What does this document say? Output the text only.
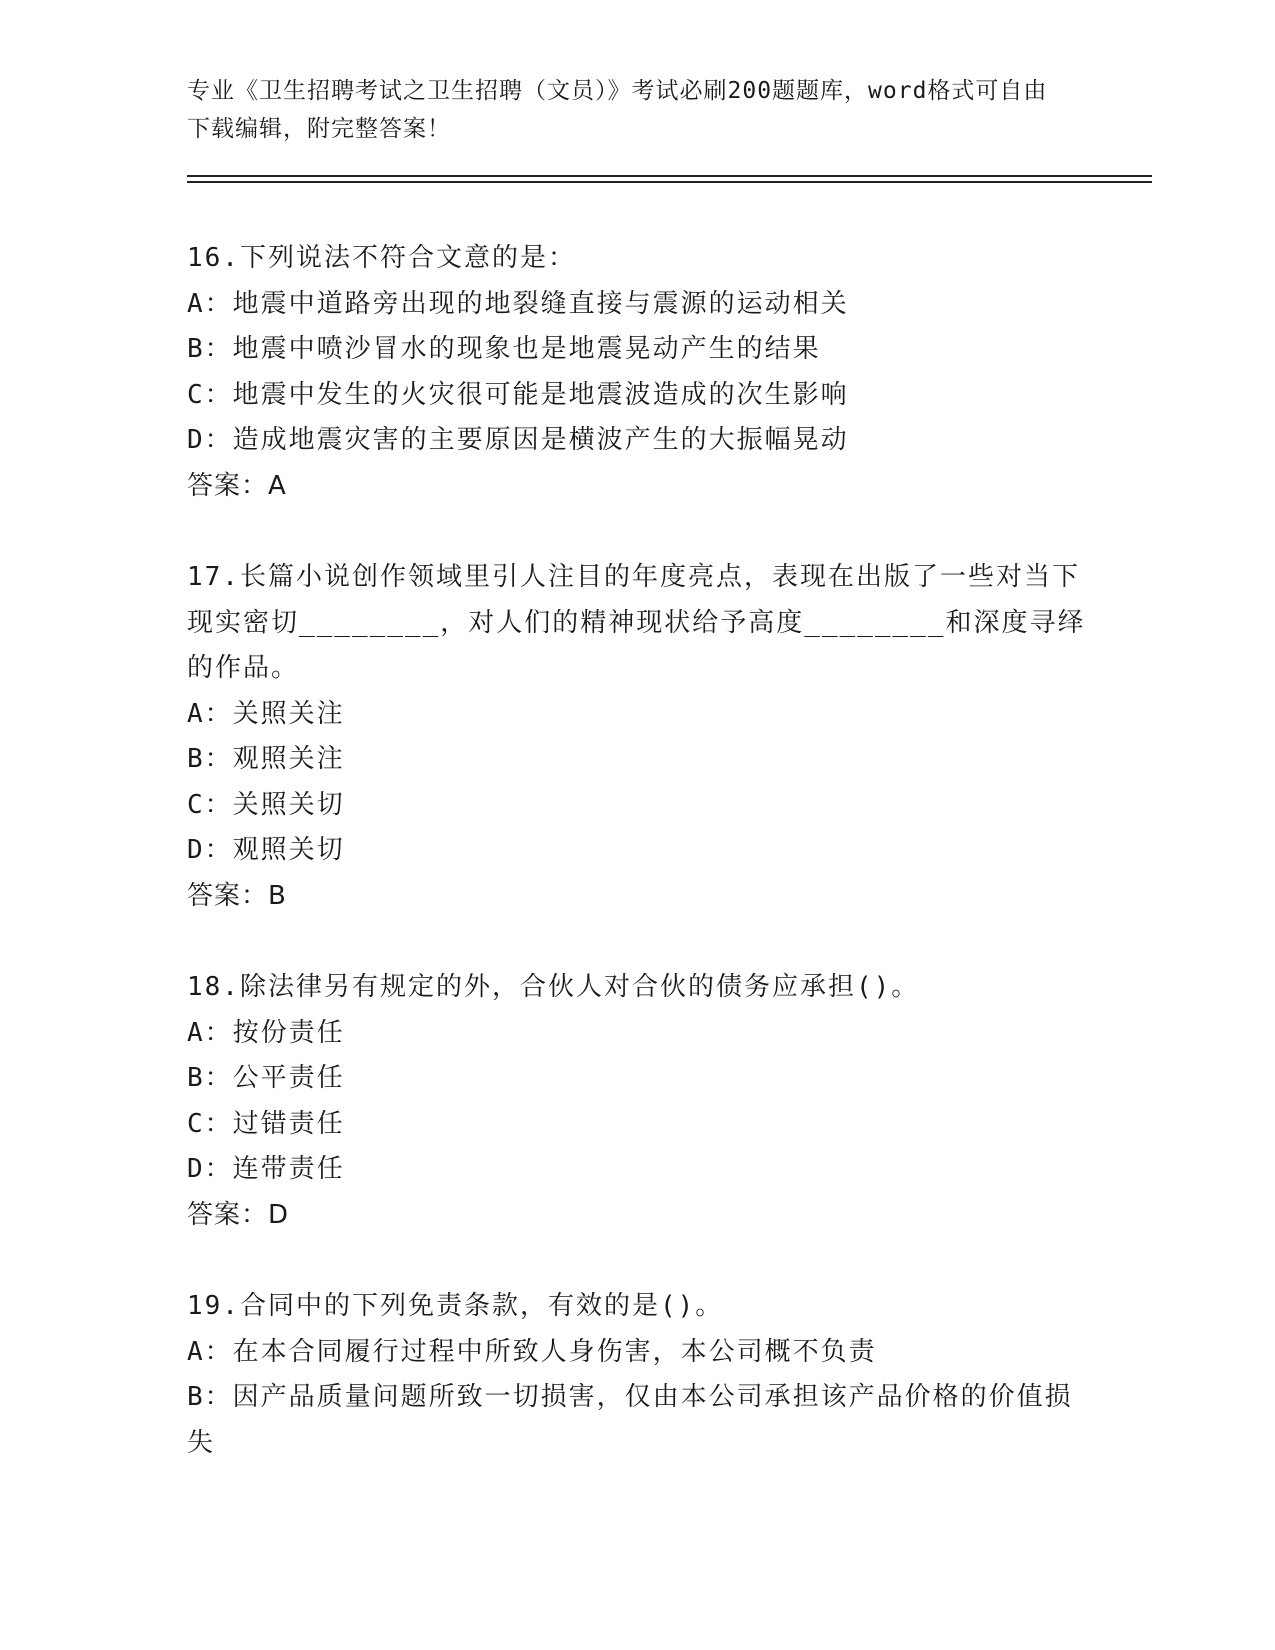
专业《卫生招聘考试之卫生招聘（文员）》考试必刷200题题库，word格式可自由下载编辑，附完整答案！
16.下列说法不符合文意的是：
A：地震中道路旁出现的地裂缝直接与震源的运动相关
B：地震中喷沙冒水的现象也是地震晃动产生的结果
C：地震中发生的火灾很可能是地震波造成的次生影响
D：造成地震灾害的主要原因是横波产生的大振幅晃动
答案：A
17.长篇小说创作领域里引人注目的年度亮点，表现在出版了一些对当下现实密切________，对人们的精神现状给予高度________和深度寻绎的作品。
A：关照关注
B：观照关注
C：关照关切
D：观照关切
答案：B
18.除法律另有规定的外，合伙人对合伙的债务应承担()。
A：按份责任
B：公平责任
C：过错责任
D：连带责任
答案：D
19.合同中的下列免责条款，有效的是()。
A：在本合同履行过程中所致人身伤害，本公司概不负责
B：因产品质量问题所致一切损害，仅由本公司承担该产品价格的价值损失
